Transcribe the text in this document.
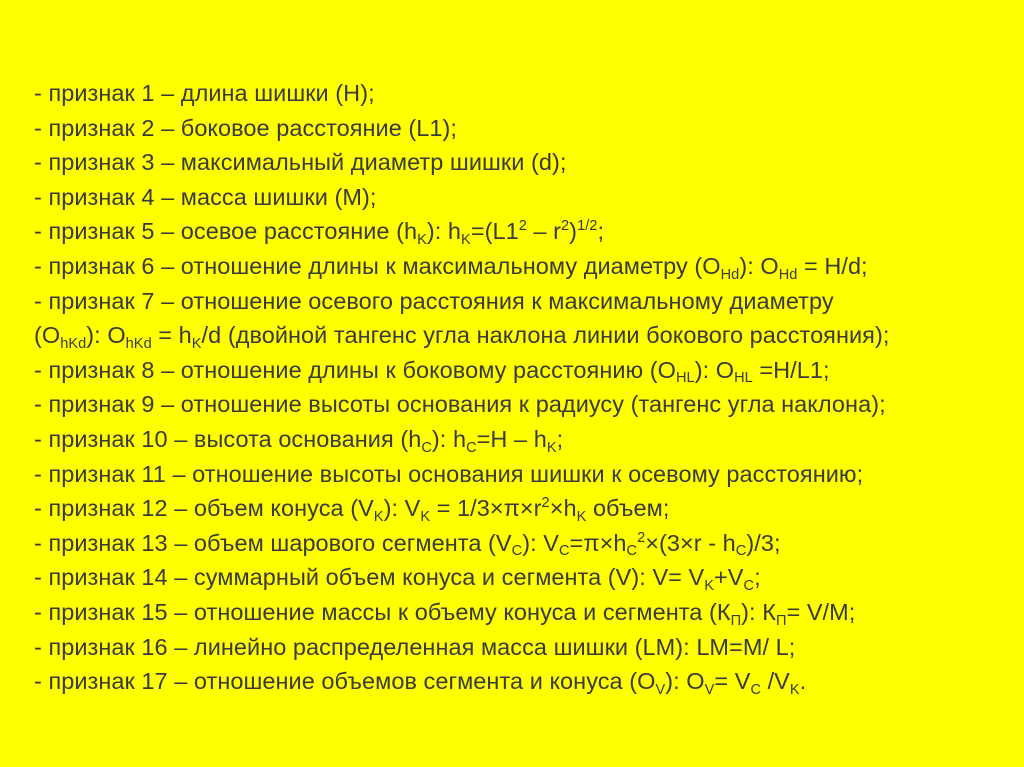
- признак 1 – длина шишки (H);
- признак 2 – боковое расстояние (L1);
- признак 3 – максимальный диаметр шишки (d);
- признак 4 – масса шишки (M);
- признак 5 – осевое расстояние $(h_K)$: $h_K=(L1^2 - r^2)^{1/2}$;
- признак 6 – отношение длины к максимальному диаметру $(O_{Hd})$: $O_{Hd} = H/d$;
- признак 7 – отношение осевого расстояния к максимальному диаметру
$(O_{hKd})$: $O_{hKd} = h_K/d$ (двойной тангенс угла наклона линии бокового расстояния);
- признак 8 – отношение длины к боковому расстоянию $(O_{HL})$: $O_{HL} =H/L1$;
- признак 9 – отношение высоты основания к радиусу (тангенс угла наклона);
- признак 10 – высота основания $(h_C)$: $h_C=H - h_K$;
- признак 11 – отношение высоты основания шишки к осевому расстоянию;
- признак 12 – объем конуса $(V_K)$: $V_K = 1/3\times\pi\times r^2\times h_K$ объем;
- признак 13 – объем шарового сегмента $(V_C)$: $V_C=\pi\times h_C^2\times(3\times r - h_C)/3$;
- признак 14 – суммарный объем конуса и сегмента (V): $V= V_K+V_C$;
- признак 15 – отношение массы к объему конуса и сегмента $(К_П)$: $К_П= V/M$;
- признак 16 – линейно распределенная масса шишки (LM): LM=M/ L;
- признак 17 – отношение объемов сегмента и конуса $(O_V)$: $O_V= V_C$ $/V_K$.
